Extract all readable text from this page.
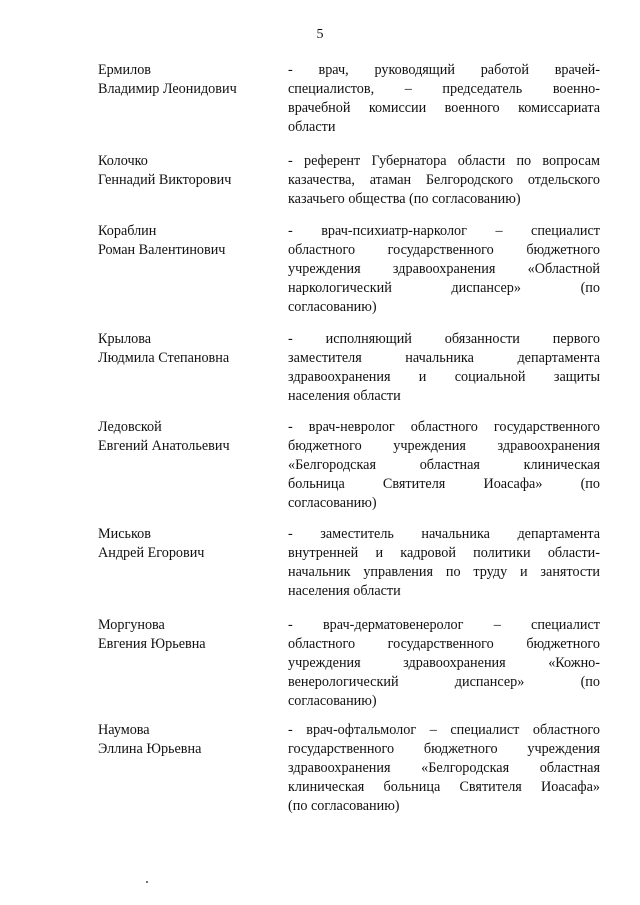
5
Ермилов
Владимир Леонидович
- врач, руководящий работой врачей-
специалистов, – председатель военно-
врачебной комиссии военного комиссариата
области
Колочко
Геннадий Викторович
- референт Губернатора области по вопросам
казачества, атаман Белгородского отдельского
казачьего общества (по согласованию)
Кораблин
Роман Валентинович
- врач-психиатр-нарколог – специалист
областного государственного бюджетного
учреждения здравоохранения «Областной
наркологический диспансер» (по
согласованию)
Крылова
Людмила Степановна
- исполняющий обязанности первого
заместителя начальника департамента
здравоохранения и социальной защиты
населения области
Ледовской
Евгений Анатольевич
- врач-невролог областного государственного
бюджетного учреждения здравоохранения
«Белгородская областная клиническая
больница Святителя Иоасафа» (по
согласованию)
Миськов
Андрей Егорович
- заместитель начальника департамента
внутренней и кадровой политики области-
начальник управления по труду и занятости
населения области
Моргунова
Евгения Юрьевна
- врач-дерматовенеролог – специалист
областного государственного бюджетного
учреждения здравоохранения «Кожно-
венерологический диспансер» (по
согласованию)
Наумова
Эллина Юрьевна
- врач-офтальмолог – специалист областного
государственного бюджетного учреждения
здравоохранения «Белгородская областная
клиническая больница Святителя Иоасафа»
(по согласованию)
